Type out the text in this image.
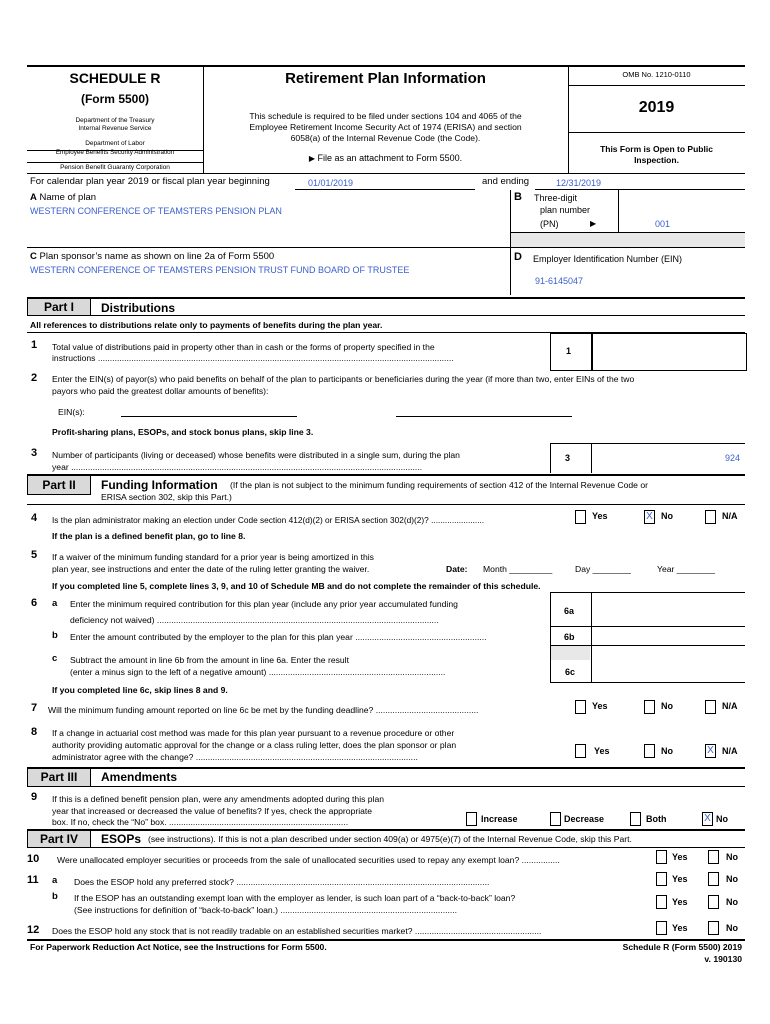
SCHEDULE R
(Form 5500)
Department of the Treasury
Internal Revenue Service
Department of Labor
Employee Benefits Security Administration
Pension Benefit Guaranty Corporation
Retirement Plan Information
This schedule is required to be filed under sections 104 and 4065 of the
Employee Retirement Income Security Act of 1974 (ERISA) and section
6058(a) of the Internal Revenue Code (the Code).
▶ File as an attachment to Form 5500.
OMB No. 1210-0110
2019
This Form is Open to Public
Inspection.
For calendar plan year 2019 or fiscal plan year beginning	01/01/2019	and ending	12/31/2019
A Name of plan
WESTERN CONFERENCE OF TEAMSTERS PENSION PLAN
B Three-digit
plan number
(PN)	▶	001
C Plan sponsor’s name as shown on line 2a of Form 5500
WESTERN CONFERENCE OF TEAMSTERS PENSION TRUST FUND BOARD OF TRUSTEE
D Employer Identification Number (EIN)
91-6145047
Part I	Distributions
All references to distributions relate only to payments of benefits during the plan year.
1 Total value of distributions paid in property other than in cash or the forms of property specified in the
instructions .....................................................................................................................................................
1
2 Enter the EIN(s) of payor(s) who paid benefits on behalf of the plan to participants or beneficiaries during the year (if more than two, enter EINs of the two
payors who paid the greatest dollar amounts of benefits):
EIN(s):
Profit-sharing plans, ESOPs, and stock bonus plans, skip line 3.
3 Number of participants (living or deceased) whose benefits were distributed in a single sum, during the plan
year ...................................................................................................................................................
3	924
Part II	Funding Information (If the plan is not subject to the minimum funding requirements of section 412 of the Internal Revenue Code or
ERISA section 302, skip this Part.)
4 Is the plan administrator making an election under Code section 412(d)(2) or ERISA section 302(d)(2)? .......................	Yes	X No	N/A
If the plan is a defined benefit plan, go to line 8.
5 If a waiver of the minimum funding standard for a prior year is being amortized in this
plan year, see instructions and enter the date of the ruling letter granting the waiver.	Date: Month _________	Day ________	Year ________
If you completed line 5, complete lines 3, 9, and 10 of Schedule MB and do not complete the remainder of this schedule.
6 a Enter the minimum required contribution for this plan year (include any prior year accumulated funding
deficiency not waived) ......................................................................................................................
6a
b Enter the amount contributed by the employer to the plan for this plan year .......................................................	6b
c Subtract the amount in line 6b from the amount in line 6a. Enter the result
(enter a minus sign to the left of a negative amount) ..........................................................................	6c
If you completed line 6c, skip lines 8 and 9.
7 Will the minimum funding amount reported on line 6c be met by the funding deadline? ...........................................	Yes	No	N/A
8 If a change in actuarial cost method was made for this plan year pursuant to a revenue procedure or other
authority providing automatic approval for the change or a class ruling letter, does the plan sponsor or plan
administrator agree with the change? .............................................................................................
Yes	No	X N/A
Part III	Amendments
9 If this is a defined benefit pension plan, were any amendments adopted during this plan
year that increased or decreased the value of benefits? If yes, check the appropriate
box. If no, check the “No” box. ...........................................................................	Increase	Decrease	Both	X No
Part IV	ESOPs (see instructions). If this is not a plan described under section 409(a) or 4975(e)(7) of the Internal Revenue Code, skip this Part.
10 Were unallocated employer securities or proceeds from the sale of unallocated securities used to repay any exempt loan? ................	Yes	No
11 a Does the ESOP hold any preferred stock? ..........................................................................................................	Yes	No
b If the ESOP has an outstanding exempt loan with the employer as lender, is such loan part of a “back-to-back” loan?
(See instructions for definition of “back-to-back” loan.) ..........................................................................
Yes	No
12 Does the ESOP hold any stock that is not readily tradable on an established securities market? .....................................................	Yes	No
For Paperwork Reduction Act Notice, see the Instructions for Form 5500.	Schedule R (Form 5500) 2019
v. 190130
